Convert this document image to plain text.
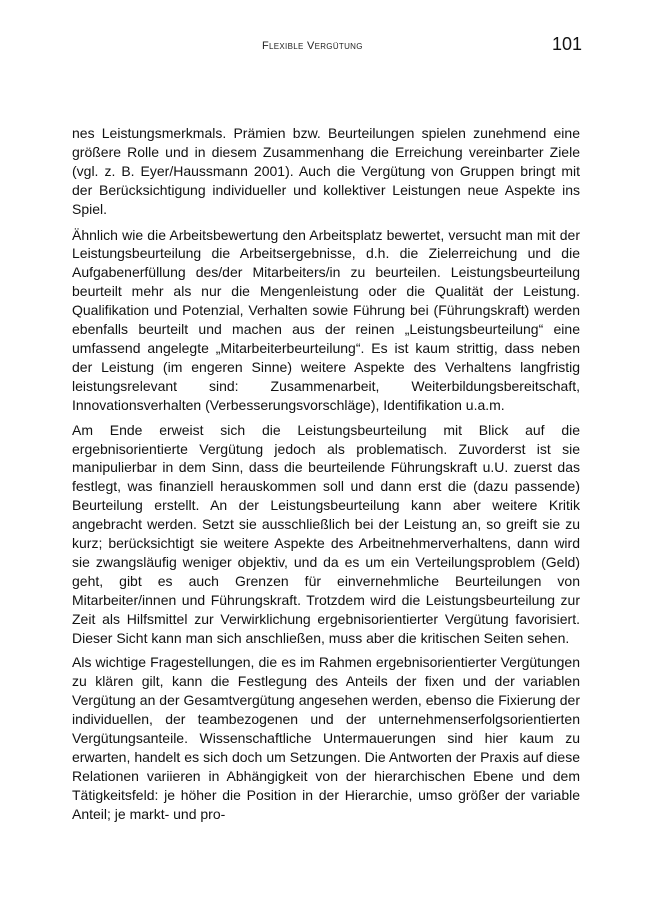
Flexible Vergütung	101

nes Leistungsmerkmals. Prämien bzw. Beurteilungen spielen zunehmend eine größere Rolle und in diesem Zusammenhang die Erreichung vereinbarter Ziele (vgl. z. B. Eyer/Haussmann 2001). Auch die Vergütung von Gruppen bringt mit der Berücksichtigung individueller und kollektiver Leistungen neue Aspekte ins Spiel.

Ähnlich wie die Arbeitsbewertung den Arbeitsplatz bewertet, versucht man mit der Leistungsbeurteilung die Arbeitsergebnisse, d.h. die Zielerreichung und die Aufgabenerfüllung des/der Mitarbeiters/in zu beurteilen. Leistungsbeurteilung beurteilt mehr als nur die Mengenleistung oder die Qualität der Leistung. Qualifikation und Potenzial, Verhalten sowie Führung bei (Führungskraft) werden ebenfalls beurteilt und machen aus der reinen „Leistungsbeurteilung“ eine umfassend angelegte „Mitarbeiterbeurteilung“. Es ist kaum strittig, dass neben der Leistung (im engeren Sinne) weitere Aspekte des Verhaltens langfristig leistungsrelevant sind: Zusammenarbeit, Weiterbildungsbereitschaft, Innovationsverhalten (Verbesserungsvorschläge), Identifikation u.a.m.

Am Ende erweist sich die Leistungsbeurteilung mit Blick auf die ergebnisorientierte Vergütung jedoch als problematisch. Zuvorderst ist sie manipulierbar in dem Sinn, dass die beurteilende Führungskraft u.U. zuerst das festlegt, was finanziell herauskommen soll und dann erst die (dazu passende) Beurteilung erstellt. An der Leistungsbeurteilung kann aber weitere Kritik angebracht werden. Setzt sie ausschließlich bei der Leistung an, so greift sie zu kurz; berücksichtigt sie weitere Aspekte des Arbeitnehmerverhaltens, dann wird sie zwangsläufig weniger objektiv, und da es um ein Verteilungsproblem (Geld) geht, gibt es auch Grenzen für einvernehmliche Beurteilungen von Mitarbeiter/innen und Führungskraft. Trotzdem wird die Leistungsbeurteilung zur Zeit als Hilfsmittel zur Verwirklichung ergebnisorientierter Vergütung favorisiert. Dieser Sicht kann man sich anschließen, muss aber die kritischen Seiten sehen.

Als wichtige Fragestellungen, die es im Rahmen ergebnisorientierter Vergütungen zu klären gilt, kann die Festlegung des Anteils der fixen und der variablen Vergütung an der Gesamtvergütung angesehen werden, ebenso die Fixierung der individuellen, der teambezogenen und der unternehmenserfolgsorientierten Vergütungsanteile. Wissenschaftliche Untermauerungen sind hier kaum zu erwarten, handelt es sich doch um Setzungen. Die Antworten der Praxis auf diese Relationen variieren in Abhängigkeit von der hierarchischen Ebene und dem Tätigkeitsfeld: je höher die Position in der Hierarchie, umso größer der variable Anteil; je markt- und pro-
